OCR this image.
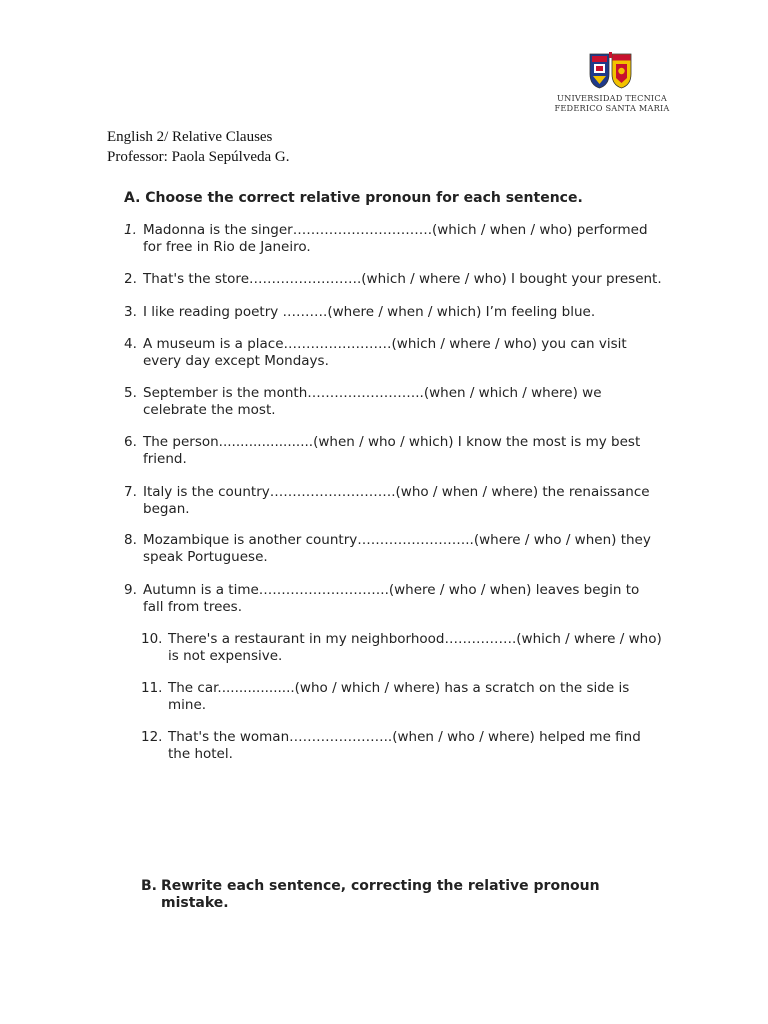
UNIVERSIDAD TECNICA
FEDERICO SANTA MARIA
English 2/ Relative Clauses
Professor: Paola Sepúlveda G.
A. Choose the correct relative pronoun for each sentence.
1. Madonna is the singer………………………….(which / when / who) performed for free in Rio de Janeiro.
2. That's the store…………………….(which / where / who) I bought your present.
3. I like reading poetry ……….(where / when / which) I’m feeling blue.
4. A museum is a place……………………(which / where / who) you can visit every day except Mondays.
5. September is the month……………………..(when / which / where) we celebrate the most.
6. The person......................(when / who / which) I know the most is my best friend.
7. Italy is the country……………………….(who / when / where) the renaissance began.
8. Mozambique is another country……………………..(where / who / when) they speak Portuguese.
9. Autumn is a time………………………..(where / who / when) leaves begin to fall from trees.
10. There's a restaurant in my neighborhood…………….(which / where / who) is not expensive.
11. The car..................(who / which / where) has a scratch on the side is mine.
12. That's the woman…………………..(when / who / where) helped me find the hotel.
B. Rewrite each sentence, correcting the relative pronoun mistake.
